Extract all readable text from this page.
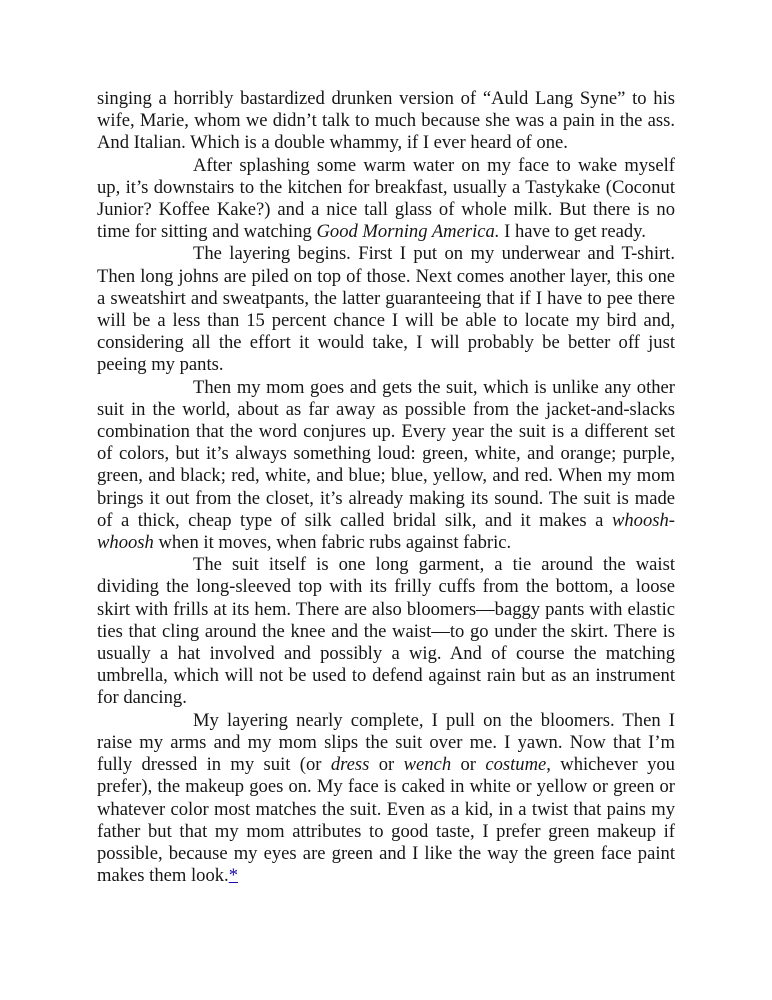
singing a horribly bastardized drunken version of “Auld Lang Syne” to his wife, Marie, whom we didn’t talk to much because she was a pain in the ass. And Italian. Which is a double whammy, if I ever heard of one.

After splashing some warm water on my face to wake myself up, it’s downstairs to the kitchen for breakfast, usually a Tastykake (Coconut Junior? Koffee Kake?) and a nice tall glass of whole milk. But there is no time for sitting and watching Good Morning America. I have to get ready.

The layering begins. First I put on my underwear and T-shirt. Then long johns are piled on top of those. Next comes another layer, this one a sweatshirt and sweatpants, the latter guaranteeing that if I have to pee there will be a less than 15 percent chance I will be able to locate my bird and, considering all the effort it would take, I will probably be better off just peeing my pants.

Then my mom goes and gets the suit, which is unlike any other suit in the world, about as far away as possible from the jacket-and-slacks combination that the word conjures up. Every year the suit is a different set of colors, but it’s always something loud: green, white, and orange; purple, green, and black; red, white, and blue; blue, yellow, and red. When my mom brings it out from the closet, it’s already making its sound. The suit is made of a thick, cheap type of silk called bridal silk, and it makes a whoosh-whoosh when it moves, when fabric rubs against fabric.

The suit itself is one long garment, a tie around the waist dividing the long-sleeved top with its frilly cuffs from the bottom, a loose skirt with frills at its hem. There are also bloomers—baggy pants with elastic ties that cling around the knee and the waist—to go under the skirt. There is usually a hat involved and possibly a wig. And of course the matching umbrella, which will not be used to defend against rain but as an instrument for dancing.

My layering nearly complete, I pull on the bloomers. Then I raise my arms and my mom slips the suit over me. I yawn. Now that I’m fully dressed in my suit (or dress or wench or costume, whichever you prefer), the makeup goes on. My face is caked in white or yellow or green or whatever color most matches the suit. Even as a kid, in a twist that pains my father but that my mom attributes to good taste, I prefer green makeup if possible, because my eyes are green and I like the way the green face paint makes them look.*
